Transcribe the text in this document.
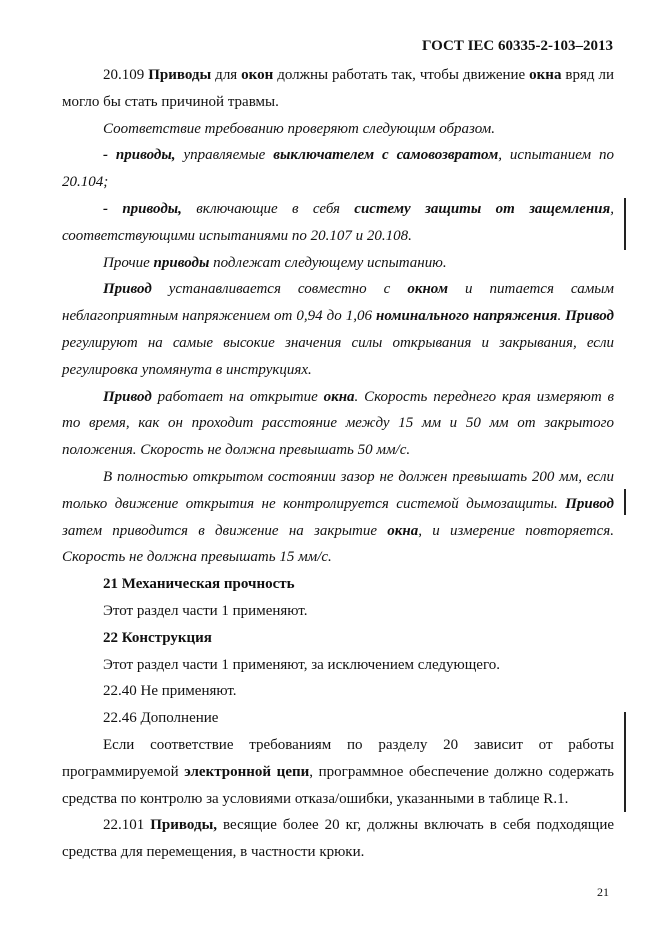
ГОСТ IEC 60335-2-103–2013

20.109 Приводы для окон должны работать так, чтобы движение окна вряд ли могло бы стать причиной травмы.

Соответствие требованию проверяют следующим образом.

- приводы, управляемые выключателем с самовозвратом, испытанием по 20.104;

- приводы, включающие в себя систему защиты от защемления, соответствующими испытаниями по 20.107 и 20.108.

Прочие приводы подлежат следующему испытанию.

Привод устанавливается совместно с окном и питается самым неблагоприятным напряжением от 0,94 до 1,06 номинального напряжения. Привод регулируют на самые высокие значения силы открывания и закрывания, если регулировка упомянута в инструкциях.

Привод работает на открытие окна. Скорость переднего края измеряют в то время, как он проходит расстояние между 15 мм и 50 мм от закрытого положения. Скорость не должна превышать 50 мм/с.

В полностью открытом состоянии зазор не должен превышать 200 мм, если только движение открытия не контролируется системой дымозащиты. Привод затем приводится в движение на закрытие окна, и измерение повторяется. Скорость не должна превышать 15 мм/с.

21 Механическая прочность

Этот раздел части 1 применяют.

22 Конструкция

Этот раздел части 1 применяют, за исключением следующего.

22.40 Не применяют.

22.46 Дополнение

Если соответствие требованиям по разделу 20 зависит от работы программируемой электронной цепи, программное обеспечение должно содержать средства по контролю за условиями отказа/ошибки, указанными в таблице R.1.

22.101 Приводы, весящие более 20 кг, должны включать в себя подходящие средства для перемещения, в частности крюки.

21
